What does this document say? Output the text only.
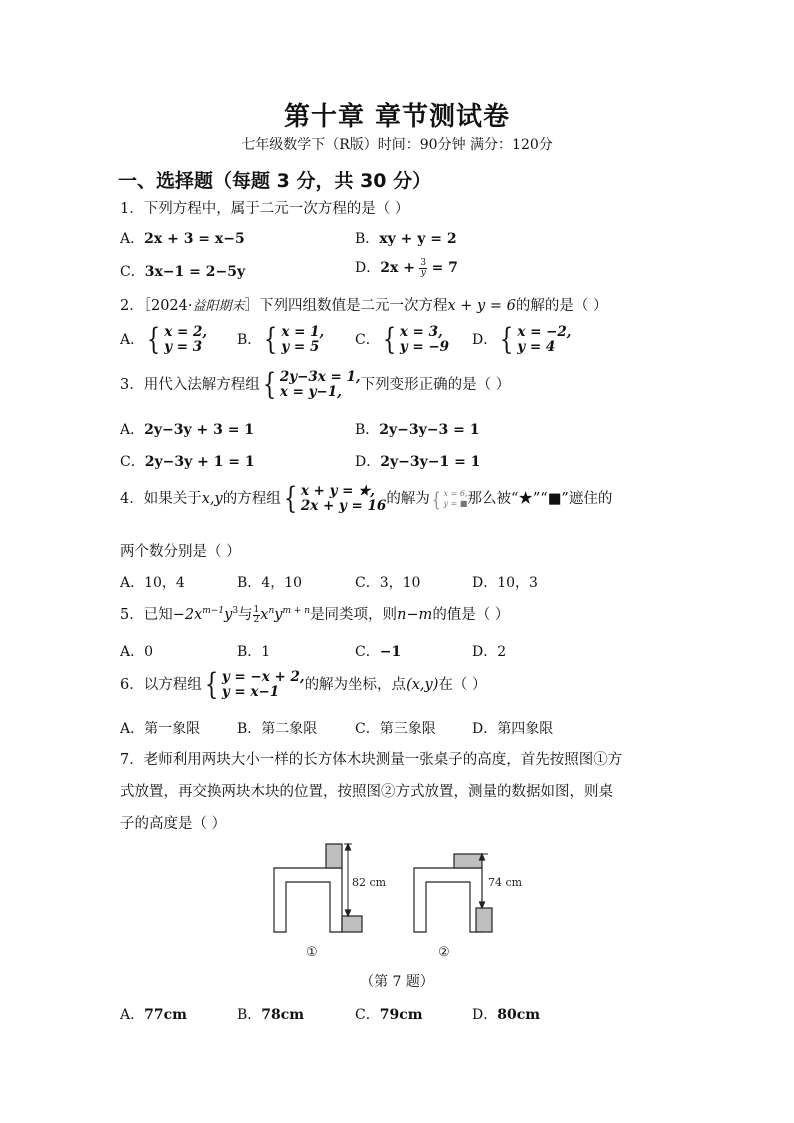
第十章 章节测试卷
七年级数学下（R版）时间：90分钟 满分：120分
一、选择题（每题 3 分，共 30 分）
1．下列方程中，属于二元一次方程的是（ ）
A．2x + 3 = x−5	B．xy + y = 2
C．3x−1 = 2−5y	D．$2x + \frac{3}{y} = 7$
2．［2024·益阳期末］下列四组数值是二元一次方程x + y = 6的解的是（ ）
A． { x = 2,
y = 3	B． { x = 1,
y = 5	C． { x = 3,
y = −9 D． { x = −2,
y = 4
3．用代入法解方程组 { 2y−3x = 1,
x = y−1,	下列变形正确的是（ ）
A．2y−3y + 3 = 1	B．2y−3y−3 = 1
C．2y−3y + 1 = 1	D．2y−3y−1 = 1
4．如果关于x,y的方程组 { x + y = ★,
2x + y = 16 的解为 { x = 6,
y = ■ 那么被“★”“■”遮住的
两个数分别是（ ）
A．10，4	B．4，10	C．3，10	D．10，3
5．已知$-2x^{m-1}y^3$与 $\frac{1}{2} x^ny^{m + n}$是同类项，则n−m的值是（ ）
A．0	B．1	C．−1	D．2
6．以方程组 { y = −x + 2,
y = x−1	的解为坐标，点(x,y)在（ ）
A．第一象限	B．第二象限	C．第三象限	D．第四象限
7．老师利用两块大小一样的长方体木块测量一张桌子的高度，首先按照图①方
式放置，再交换两块木块的位置，按照图②方式放置，测量的数据如图，则桌
子的高度是（ ）
82 cm
①
74 cm
②
（第 7 题）
A．77cm	B．78cm	C．79cm	D．80cm
